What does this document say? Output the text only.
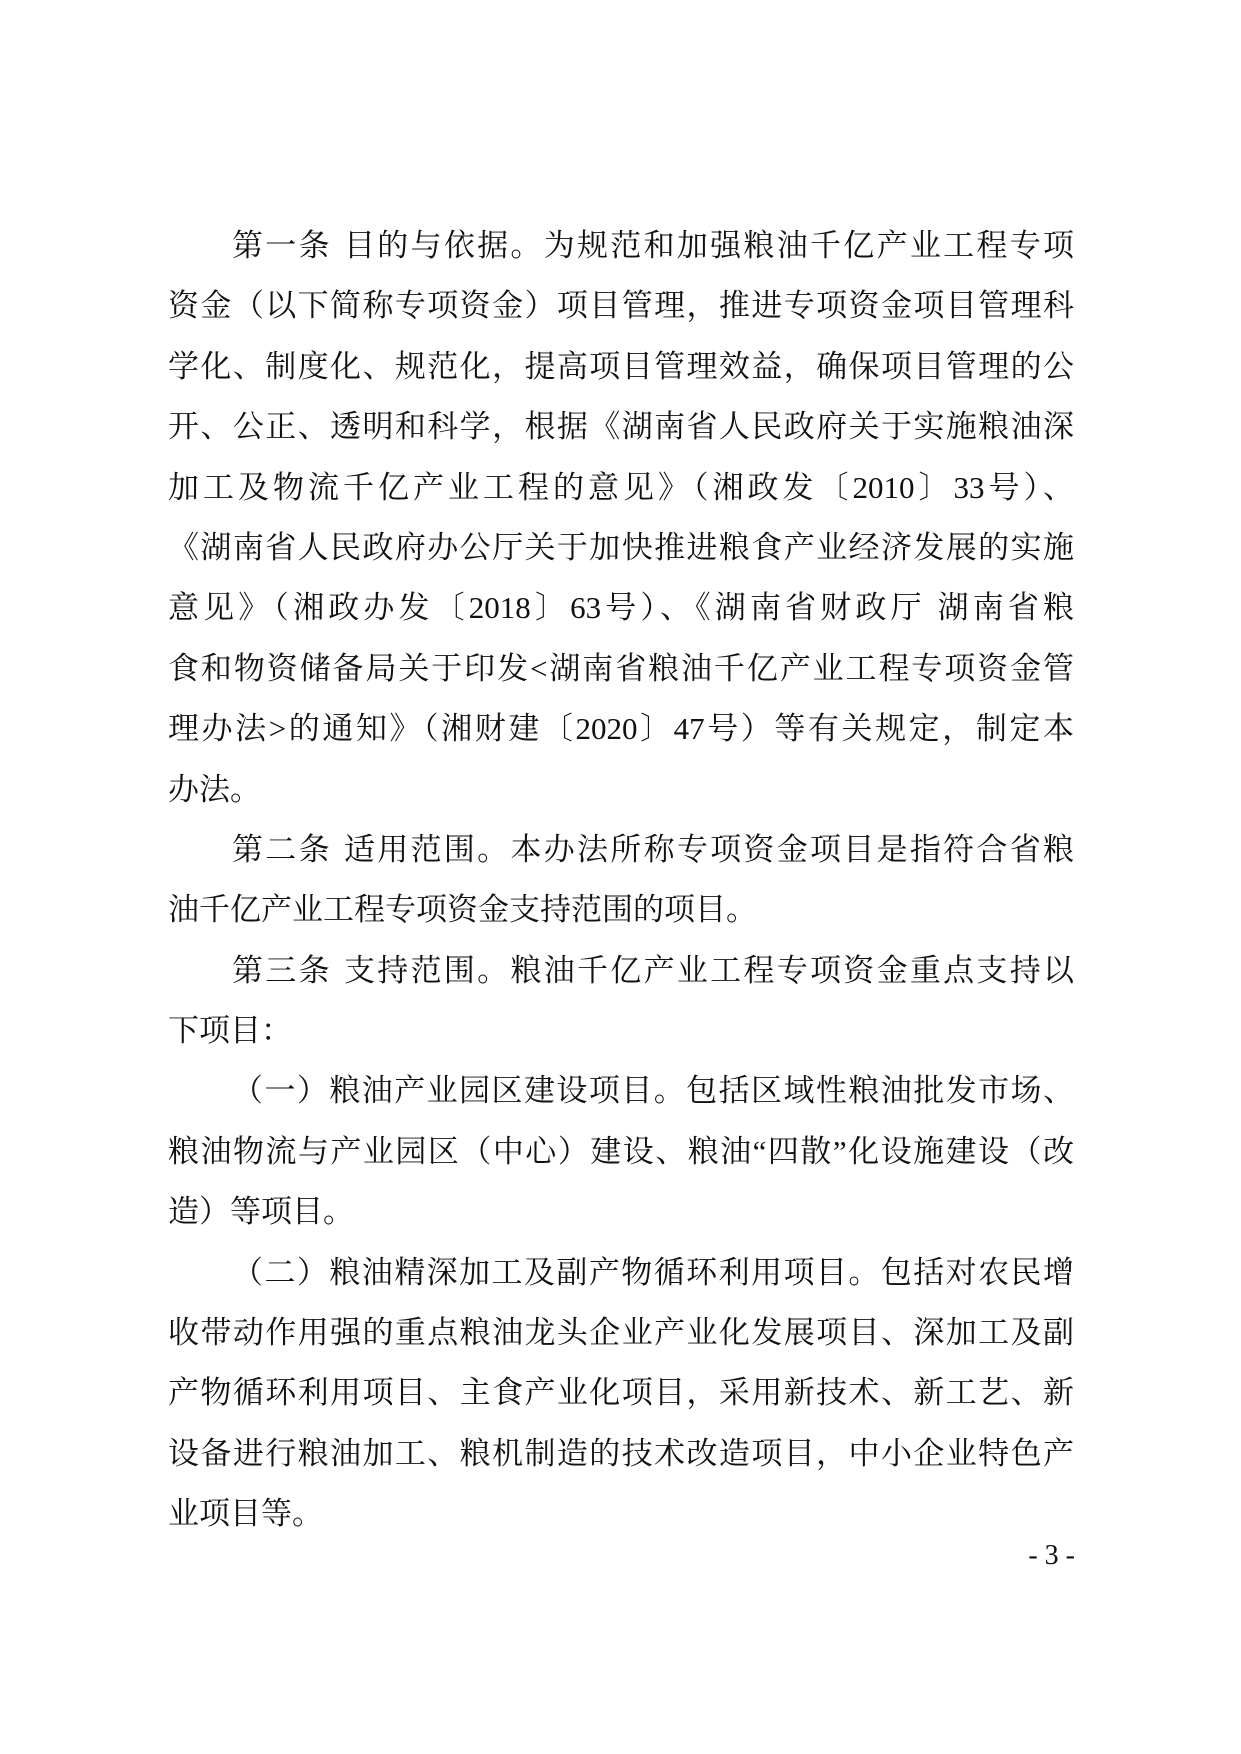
第一条 目的与依据。为规范和加强粮油千亿产业工程专项
资金（以下简称专项资金）项目管理，推进专项资金项目管理科
学化、制度化、规范化，提高项目管理效益，确保项目管理的公
开、公正、透明和科学，根据《湖南省人民政府关于实施粮油深
加工及物流千亿产业工程的意见》（湘政发〔2010〕33号）、
《湖南省人民政府办公厅关于加快推进粮食产业经济发展的实施
意见》（湘政办发〔2018〕63号）、《湖南省财政厅 湖南省粮
食和物资储备局关于印发<湖南省粮油千亿产业工程专项资金管
理办法>的通知》（湘财建〔2020〕47号）等有关规定，制定本
办法。
第二条 适用范围。本办法所称专项资金项目是指符合省粮
油千亿产业工程专项资金支持范围的项目。
第三条 支持范围。粮油千亿产业工程专项资金重点支持以
下项目：
（一）粮油产业园区建设项目。包括区域性粮油批发市场、
粮油物流与产业园区（中心）建设、粮油“四散”化设施建设（改
造）等项目。
（二）粮油精深加工及副产物循环利用项目。包括对农民增
收带动作用强的重点粮油龙头企业产业化发展项目、深加工及副
产物循环利用项目、主食产业化项目，采用新技术、新工艺、新
设备进行粮油加工、粮机制造的技术改造项目，中小企业特色产
业项目等。
- 3 -
